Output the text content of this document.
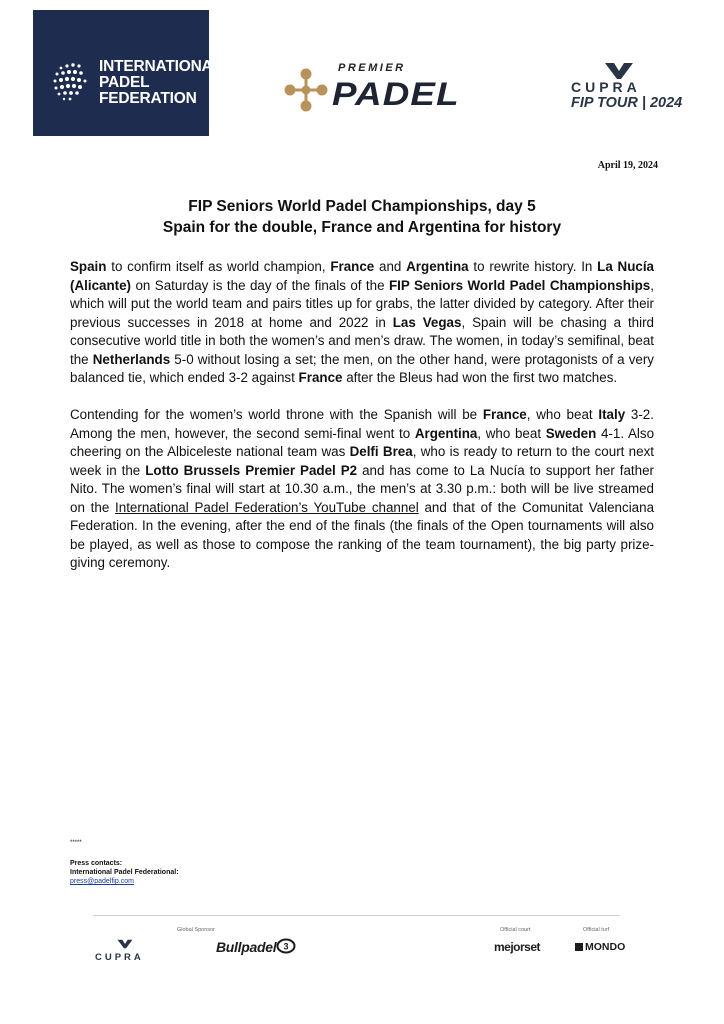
INTERNATIONAL
PADEL
FEDERATION
PREMIER
PADEL	CUPRA
FIP TOUR | 2024
April 19, 2024
FIP Seniors World Padel Championships, day 5
Spain for the double, France and Argentina for history

Spain to confirm itself as world champion, France and Argentina to rewrite history. In La Nucía (Alicante) on Saturday is the day of the finals of the FIP Seniors World Padel Championships, which will put the world team and pairs titles up for grabs, the latter divided by category. After their previous successes in 2018 at home and 2022 in Las Vegas, Spain will be chasing a third consecutive world title in both the women’s and men’s draw. The women, in today’s semifinal, beat the Netherlands 5-0 without losing a set; the men, on the other hand, were protagonists of a very balanced tie, which ended 3-2 against France after the Bleus had won the first two matches.

Contending for the women’s world throne with the Spanish will be France, who beat Italy 3-2. Among the men, however, the second semi-final went to Argentina, who beat Sweden 4-1. Also cheering on the Albiceleste national team was Delfi Brea, who is ready to return to the court next week in the Lotto Brussels Premier Padel P2 and has come to La Nucía to support her father Nito. The women’s final will start at 10.30 a.m., the men’s at 3.30 p.m.: both will be live streamed on the International Padel Federation’s YouTube channel and that of the Comunitat Valenciana Federation. In the evening, after the end of the finals (the finals of the Open tournaments will also be played, as well as those to compose the ranking of the team tournament), the big party prize-giving ceremony.

*****
Press contacts:
International Padel Federational:
press@padelfip.com
Global Sponsor	Official court	Official turf
CUPRA
Bullpadel 3	mejorset	MONDO
